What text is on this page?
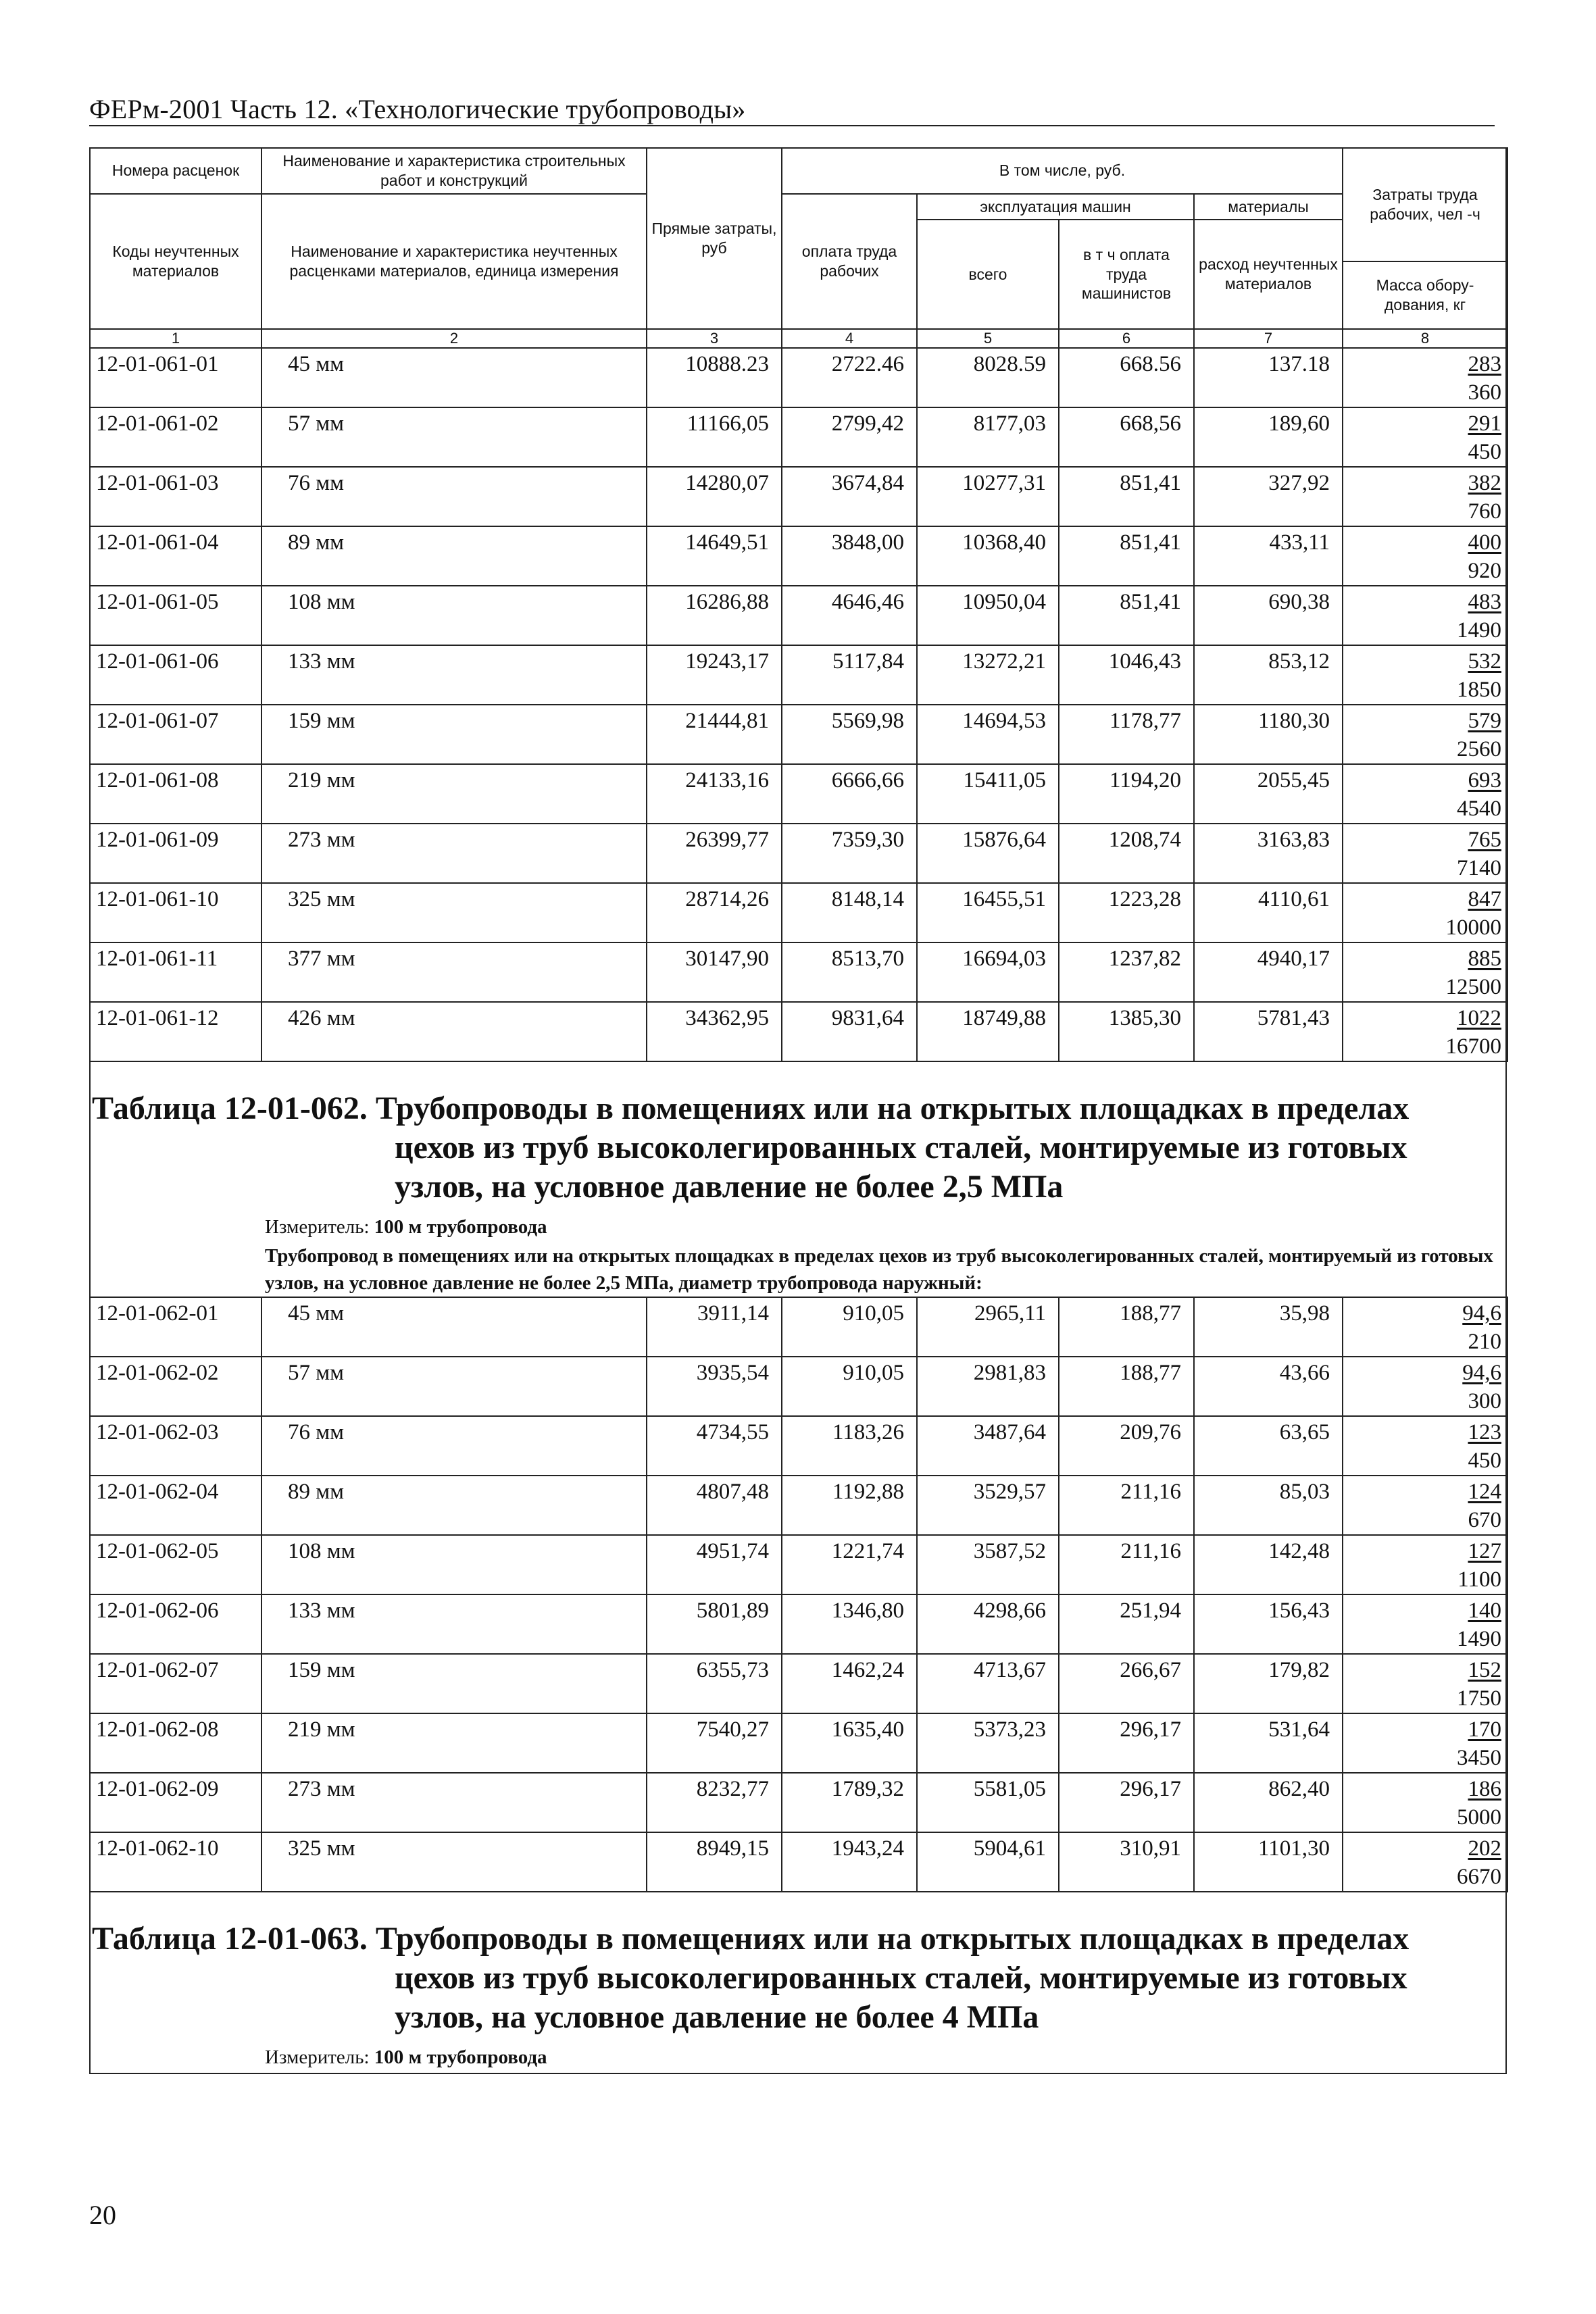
ФЕРм-2001 Часть 12. «Технологические трубопроводы»
Номера расценок	Наименование и характеристика строительных работ и конструкций	Прямые затраты, руб	В том числе, руб.				Затраты труда рабочих, чел -ч
Коды неучтенных материалов	Наименование и характеристика неучтенных расценками материалов, единица измерения		оплата труда рабочих	эксплуатация машин		материалы	
				всего	в т ч оплата труда машинистов	расход неучтенных материалов	
							Масса обору-дования, кг
1	2	3	4	5	6	7	8
12-01-061-01	45 мм	10888.23	2722.46	8028.59	668.56	137.18	283
360

12-01-061-02	57 мм	11166,05	2799,42	8177,03	668,56	189,60	291
450

12-01-061-03	76 мм	14280,07	3674,84	10277,31	851,41	327,92	382
760

12-01-061-04	89 мм	14649,51	3848,00	10368,40	851,41	433,11	400
920

12-01-061-05	108 мм	16286,88	4646,46	10950,04	851,41	690,38	483
1490

12-01-061-06	133 мм	19243,17	5117,84	13272,21	1046,43	853,12	532
1850

12-01-061-07	159 мм	21444,81	5569,98	14694,53	1178,77	1180,30	579
2560

12-01-061-08	219 мм	24133,16	6666,66	15411,05	1194,20	2055,45	693
4540

12-01-061-09	273 мм	26399,77	7359,30	15876,64	1208,74	3163,83	765
7140

12-01-061-10	325 мм	28714,26	8148,14	16455,51	1223,28	4110,61	847
10000

12-01-061-11	377 мм	30147,90	8513,70	16694,03	1237,82	4940,17	885
12500

12-01-061-12	426 мм	34362,95	9831,64	18749,88	1385,30	5781,43	1022
16700
Таблица 12-01-062. Трубопроводы в помещениях или на открытых площадках в пределах
цехов из труб высоколегированных сталей, монтируемые из готовых
узлов, на условное давление не более 2,5 МПа
Измеритель: 100 м трубопровода
Трубопровод в помещениях или на открытых площадках в пределах цехов из труб высоколегированных сталей, монтируемый из готовых узлов, на условное давление не более 2,5 МПа, диаметр трубопровода наружный:
12-01-062-01	45 мм	3911,14	910,05	2965,11	188,77	35,98	94,6
210

12-01-062-02	57 мм	3935,54	910,05	2981,83	188,77	43,66	94,6
300

12-01-062-03	76 мм	4734,55	1183,26	3487,64	209,76	63,65	123
450

12-01-062-04	89 мм	4807,48	1192,88	3529,57	211,16	85,03	124
670

12-01-062-05	108 мм	4951,74	1221,74	3587,52	211,16	142,48	127
1100

12-01-062-06	133 мм	5801,89	1346,80	4298,66	251,94	156,43	140
1490

12-01-062-07	159 мм	6355,73	1462,24	4713,67	266,67	179,82	152
1750

12-01-062-08	219 мм	7540,27	1635,40	5373,23	296,17	531,64	170
3450

12-01-062-09	273 мм	8232,77	1789,32	5581,05	296,17	862,40	186
5000

12-01-062-10	325 мм	8949,15	1943,24	5904,61	310,91	1101,30	202
6670
Таблица 12-01-063. Трубопроводы в помещениях или на открытых площадках в пределах
цехов из труб высоколегированных сталей, монтируемые из готовых
узлов, на условное давление не более 4 МПа
Измеритель: 100 м трубопровода
20
